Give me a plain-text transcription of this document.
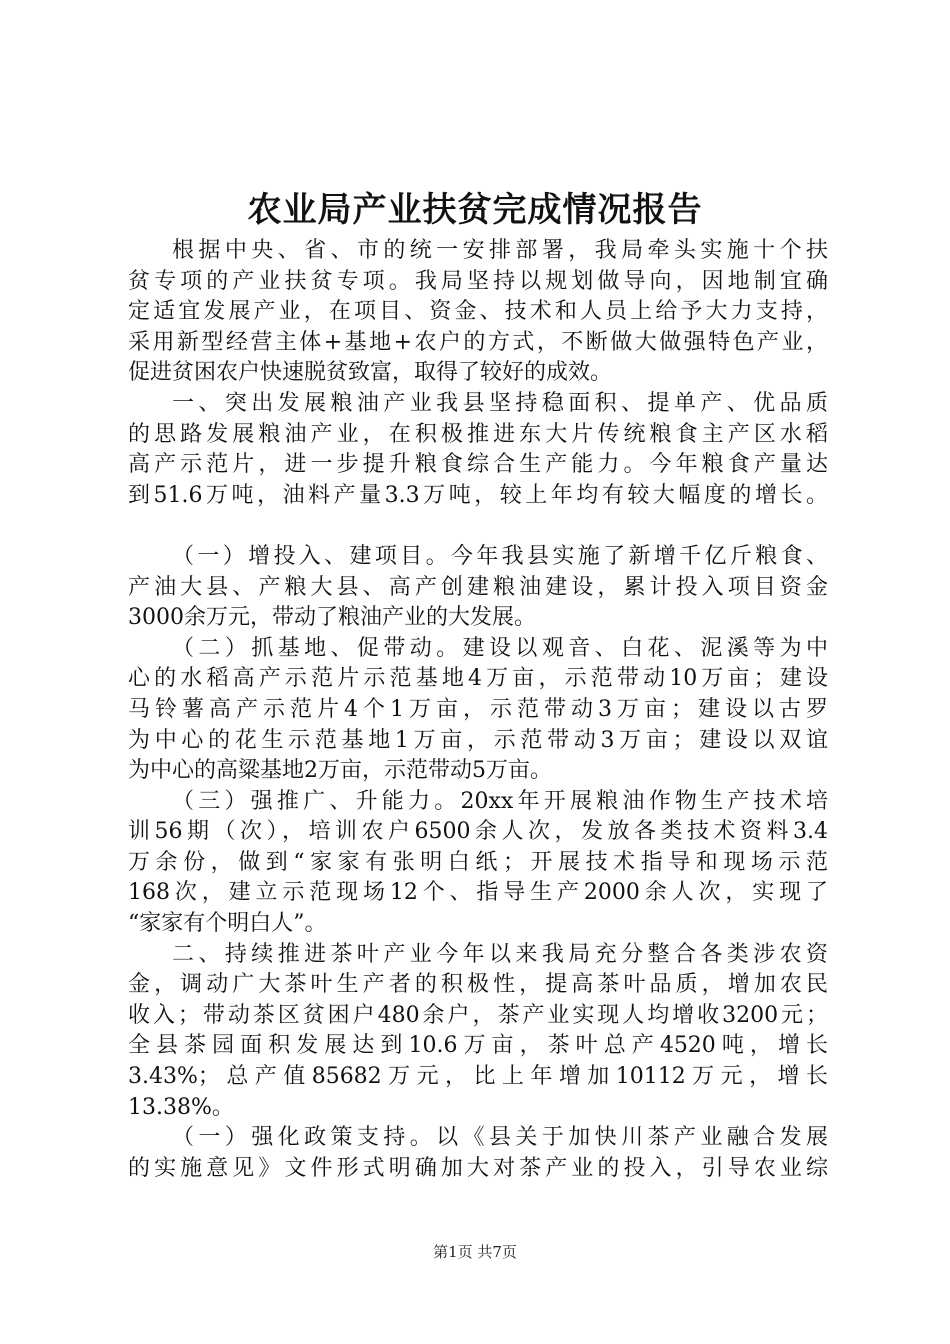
农业局产业扶贫完成情况报告
根据中央、省、市的统一安排部署，我局牵头实施十个扶
贫专项的产业扶贫专项。我局坚持以规划做导向，因地制宜确
定适宜发展产业，在项目、资金、技术和人员上给予大力支持，
采用新型经营主体+基地+农户的方式，不断做大做强特色产业，
促进贫困农户快速脱贫致富，取得了较好的成效。
一、突出发展粮油产业我县坚持稳面积、提单产、优品质
的思路发展粮油产业，在积极推进东大片传统粮食主产区水稻
高产示范片，进一步提升粮食综合生产能力。今年粮食产量达
到51.6万吨，油料产量3.3万吨，较上年均有较大幅度的增长。
（一）增投入、建项目。今年我县实施了新增千亿斤粮食、
产油大县、产粮大县、高产创建粮油建设，累计投入项目资金
3000余万元，带动了粮油产业的大发展。
（二）抓基地、促带动。建设以观音、白花、泥溪等为中
心的水稻高产示范片示范基地4万亩，示范带动10万亩；建设
马铃薯高产示范片4个1万亩，示范带动3万亩；建设以古罗
为中心的花生示范基地1万亩，示范带动3万亩；建设以双谊
为中心的高粱基地2万亩，示范带动5万亩。
（三）强推广、升能力。20xx年开展粮油作物生产技术培
训56期（次），培训农户6500余人次，发放各类技术资料3.4
万余份，做到“家家有张明白纸；开展技术指导和现场示范
168次，建立示范现场12个、指导生产2000余人次，实现了
“家家有个明白人”。
二、持续推进茶叶产业今年以来我局充分整合各类涉农资
金，调动广大茶叶生产者的积极性，提高茶叶品质，增加农民
收入；带动茶区贫困户480余户，茶产业实现人均增收3200元；
全县茶园面积发展达到10.6万亩，茶叶总产4520吨，增长
3.43%；总产值85682万元，比上年增加10112万元，增长
13.38%。
（一）强化政策支持。以《县关于加快川茶产业融合发展
的实施意见》文件形式明确加大对茶产业的投入，引导农业综
第1页 共7页
